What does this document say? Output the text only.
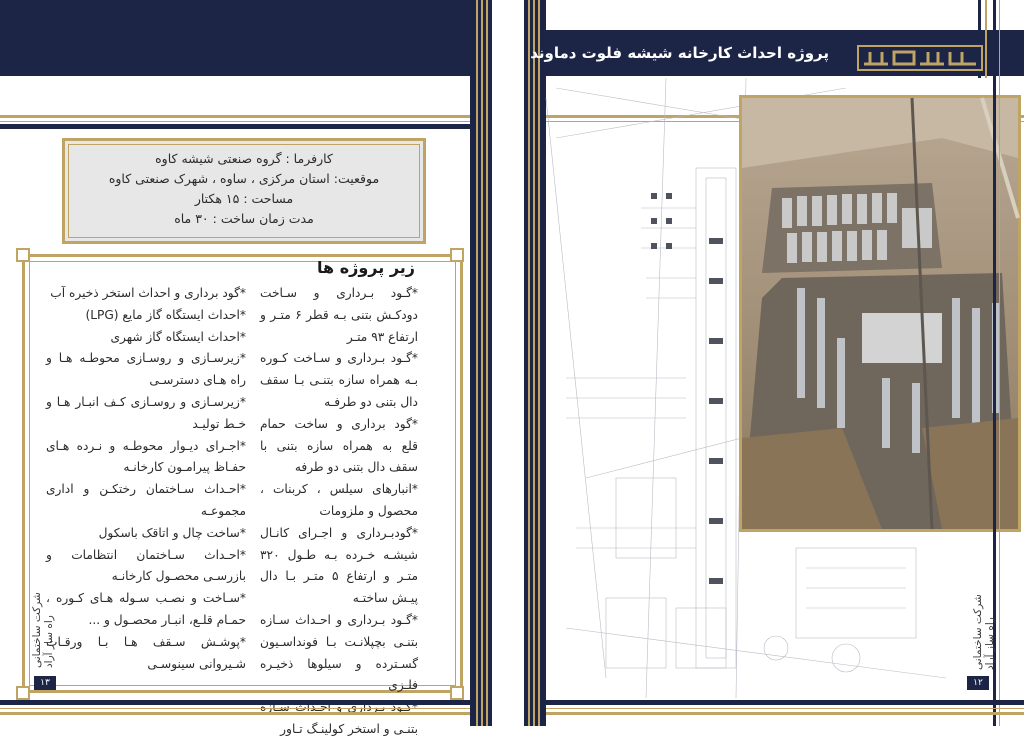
کارفرما : گروه صنعتی شیشه کاوه
موقعیت: استان مرکزی ، ساوه ، شهرک صنعتی کاوه
مساحت : ۱۵ هکتار
مدت زمان ساخت : ۳۰ ماه
زیر پروژه ها

*گـود بـرداری و سـاخت دودکـش بتنی بـه قطر ۶ متـر و ارتفاع ۹۳ متـر

*گـود بـرداری و سـاخت کـوره بـه همراه سازه بتنـی بـا سقف دال بتنی دو طرفـه

*گود برداری و ساخت حمام قلع به همراه سازه بتنی با سقف دال بتنی دو طرفه

*انبارهای سیلس ، کربنات ، محصول و ملزومات

*گودبـرداری و اجـرای کانـال شیشـه خـرده بـه طـول ۳۲۰ متـر و ارتفاع ۵ متـر بـا دال پیـش ساختـه

*گـود بـرداری و احـداث سـازه بتنـی بچپلانـت بـا فونداسـیون گسـترده و سیلوها ذخیـره فلـزی

بتنـی و استخر کولینـگ تـاور

*گود برداری و احداث استخر ذخیره آب

*احداث ایستگاه گاز مایع (LPG)

*احداث ایستگاه گاز شهری

*زیرسـازی و روسـازی محوطـه هـا و راه هـای دسترسـی

*زیرسـازی و روسـازی کـف انبـار هـا و خـط تولیـد

*اجـرای دیـوار محوطـه و نـرده هـای حفـاظ پیرامـون کارخانـه

*احـداث سـاختمان رختکـن و اداری مجموعـه

*ساخت چال و اتاقک باسکول

*احـداث سـاختمان انتظامات و بازرسـی محصـول کارخانـه

*سـاخت و نصـب سـوله هـای کـوره ، حمـام قلـع، انبـار محصـول و ...

*پوشـش سـقف هـا بـا ورقـات شـیروانی سینوسـی

شرکت ساختمانی راه ساز آراد
۱۳
پروژه احداث کارخانه شیشه فلوت دماوند
شرکت ساختمانی راه ساز آراد
۱۲
